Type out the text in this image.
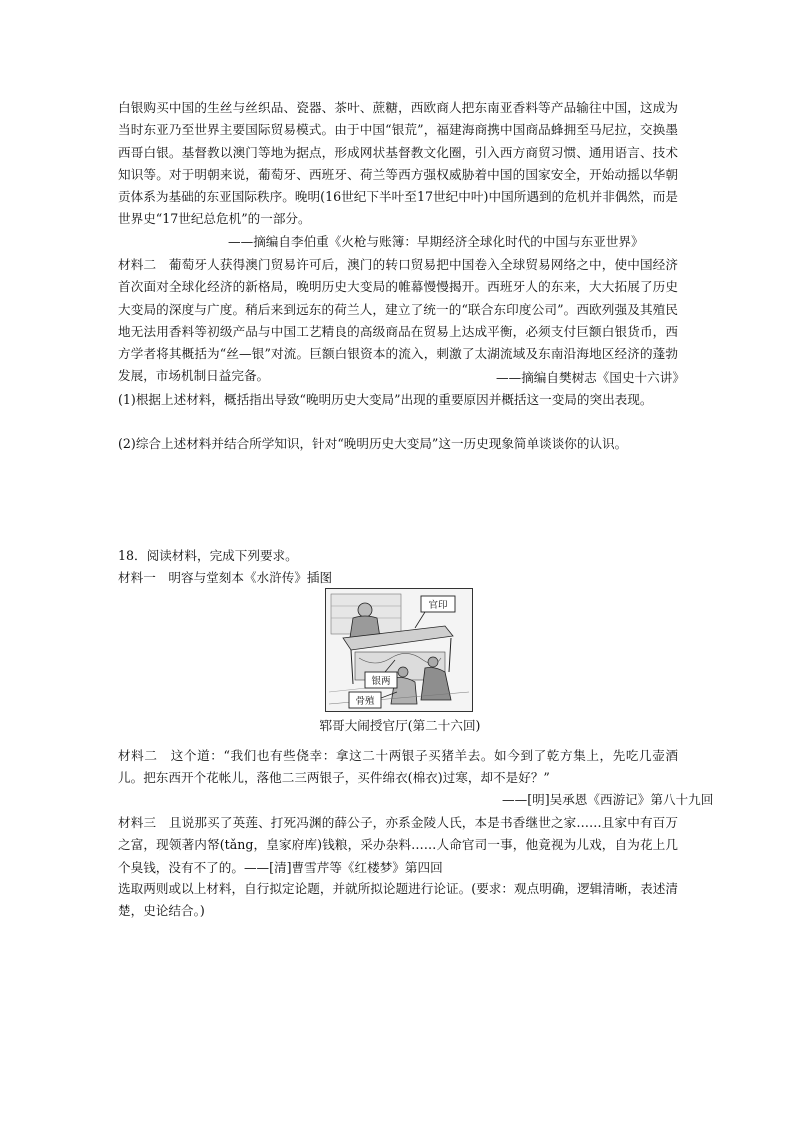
白银购买中国的生丝与丝织品、瓷器、茶叶、蔗糖，西欧商人把东南亚香料等产品输往中国，这成为当时东亚乃至世界主要国际贸易模式。由于中国“银荒”，福建海商携中国商品蜂拥至马尼拉，交换墨西哥白银。基督教以澳门等地为据点，形成网状基督教文化圈，引入西方商贸习惯、通用语言、技术知识等。对于明朝来说，葡萄牙、西班牙、荷兰等西方强权威胁着中国的国家安全，开始动摇以华朝贡体系为基础的东亚国际秩序。晚明(16世纪下半叶至17世纪中叶)中国所遇到的危机并非偶然，而是世界史“17世纪总危机”的一部分。

——摘编自李伯重《火枪与账簿：早期经济全球化时代的中国与东亚世界》

材料二　葡萄牙人获得澳门贸易许可后，澳门的转口贸易把中国卷入全球贸易网络之中，使中国经济首次面对全球化经济的新格局，晚明历史大变局的帷幕慢慢揭开。西班牙人的东来，大大拓展了历史大变局的深度与广度。稍后来到远东的荷兰人，建立了统一的“联合东印度公司”。西欧列强及其殖民地无法用香料等初级产品与中国工艺精良的高级商品在贸易上达成平衡，必须支付巨额白银货币，西方学者将其概括为“丝—银”对流。巨额白银资本的流入，刺激了太湖流域及东南沿海地区经济的蓬勃发展，市场机制日益完备。	——摘编自樊树志《国史十六讲》

(1)根据上述材料，概括指出导致“晚明历史大变局”出现的重要原因并概括这一变局的突出表现。

(2)综合上述材料并结合所学知识，针对“晚明历史大变局”这一历史现象简单谈谈你的认识。

18．阅读材料，完成下列要求。

材料一　明容与堂刻本《水浒传》插图

官印
银两
骨殖

郓哥大闹授官厅(第二十六回)

材料二　这个道：“我们也有些侥幸：拿这二十两银子买猪羊去。如今到了乾方集上，先吃几壶酒儿。把东西开个花帐儿，落他二三两银子，买件绵衣(棉衣)过寒，却不是好？”

——[明]吴承恩《西游记》第八十九回

材料三　且说那买了英莲、打死冯渊的薛公子，亦系金陵人氏，本是书香继世之家……且家中有百万之富，现领著内帑(tǎng，皇家府库)钱粮，采办杂料……人命官司一事，他竟视为儿戏，自为花上几个臭钱，没有不了的。——[清]曹雪芹等《红楼梦》第四回

选取两则或以上材料，自行拟定论题，并就所拟论题进行论证。(要求：观点明确，逻辑清晰，表述清楚，史论结合。)
